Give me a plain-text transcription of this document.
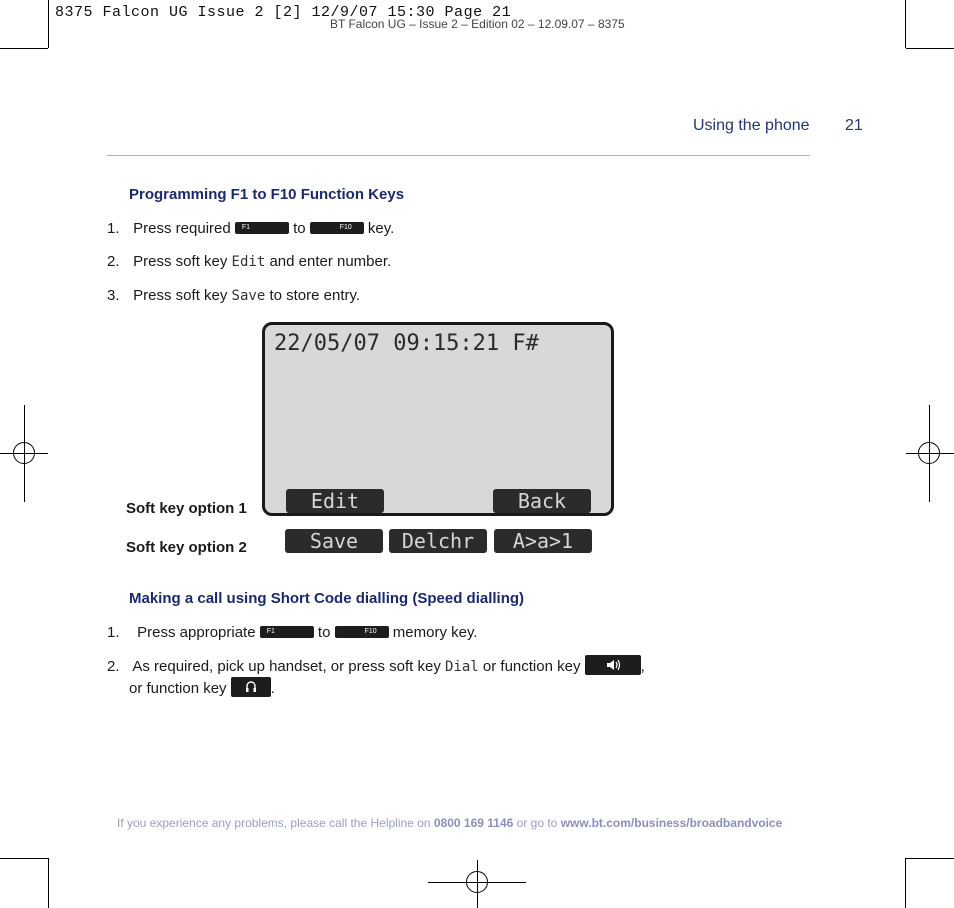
8375 Falcon UG Issue 2 [2] 12/9/07 15:30 Page 21
BT Falcon UG – Issue 2 – Edition 02 – 12.09.07 – 8375
Using the phone 21
Programming F1 to F10 Function Keys
1. Press required F1	to	F10 key.
2. Press soft key Edit and enter number.
3. Press soft key Save to store entry.
22/05/07 09:15:21 F#
Edit	Back
Soft key option 1
Soft key option 2	Save	Delchr	A>a>1
Making a call using Short Code dialling (Speed dialling)
1. Press appropriate F1	to	F10 memory key.
2. As required, pick up handset, or press soft key Dial or function key	,
or function key	.
If you experience any problems, please call the Helpline on 0800 169 1146 or go to www.bt.com/business/broadbandvoice
